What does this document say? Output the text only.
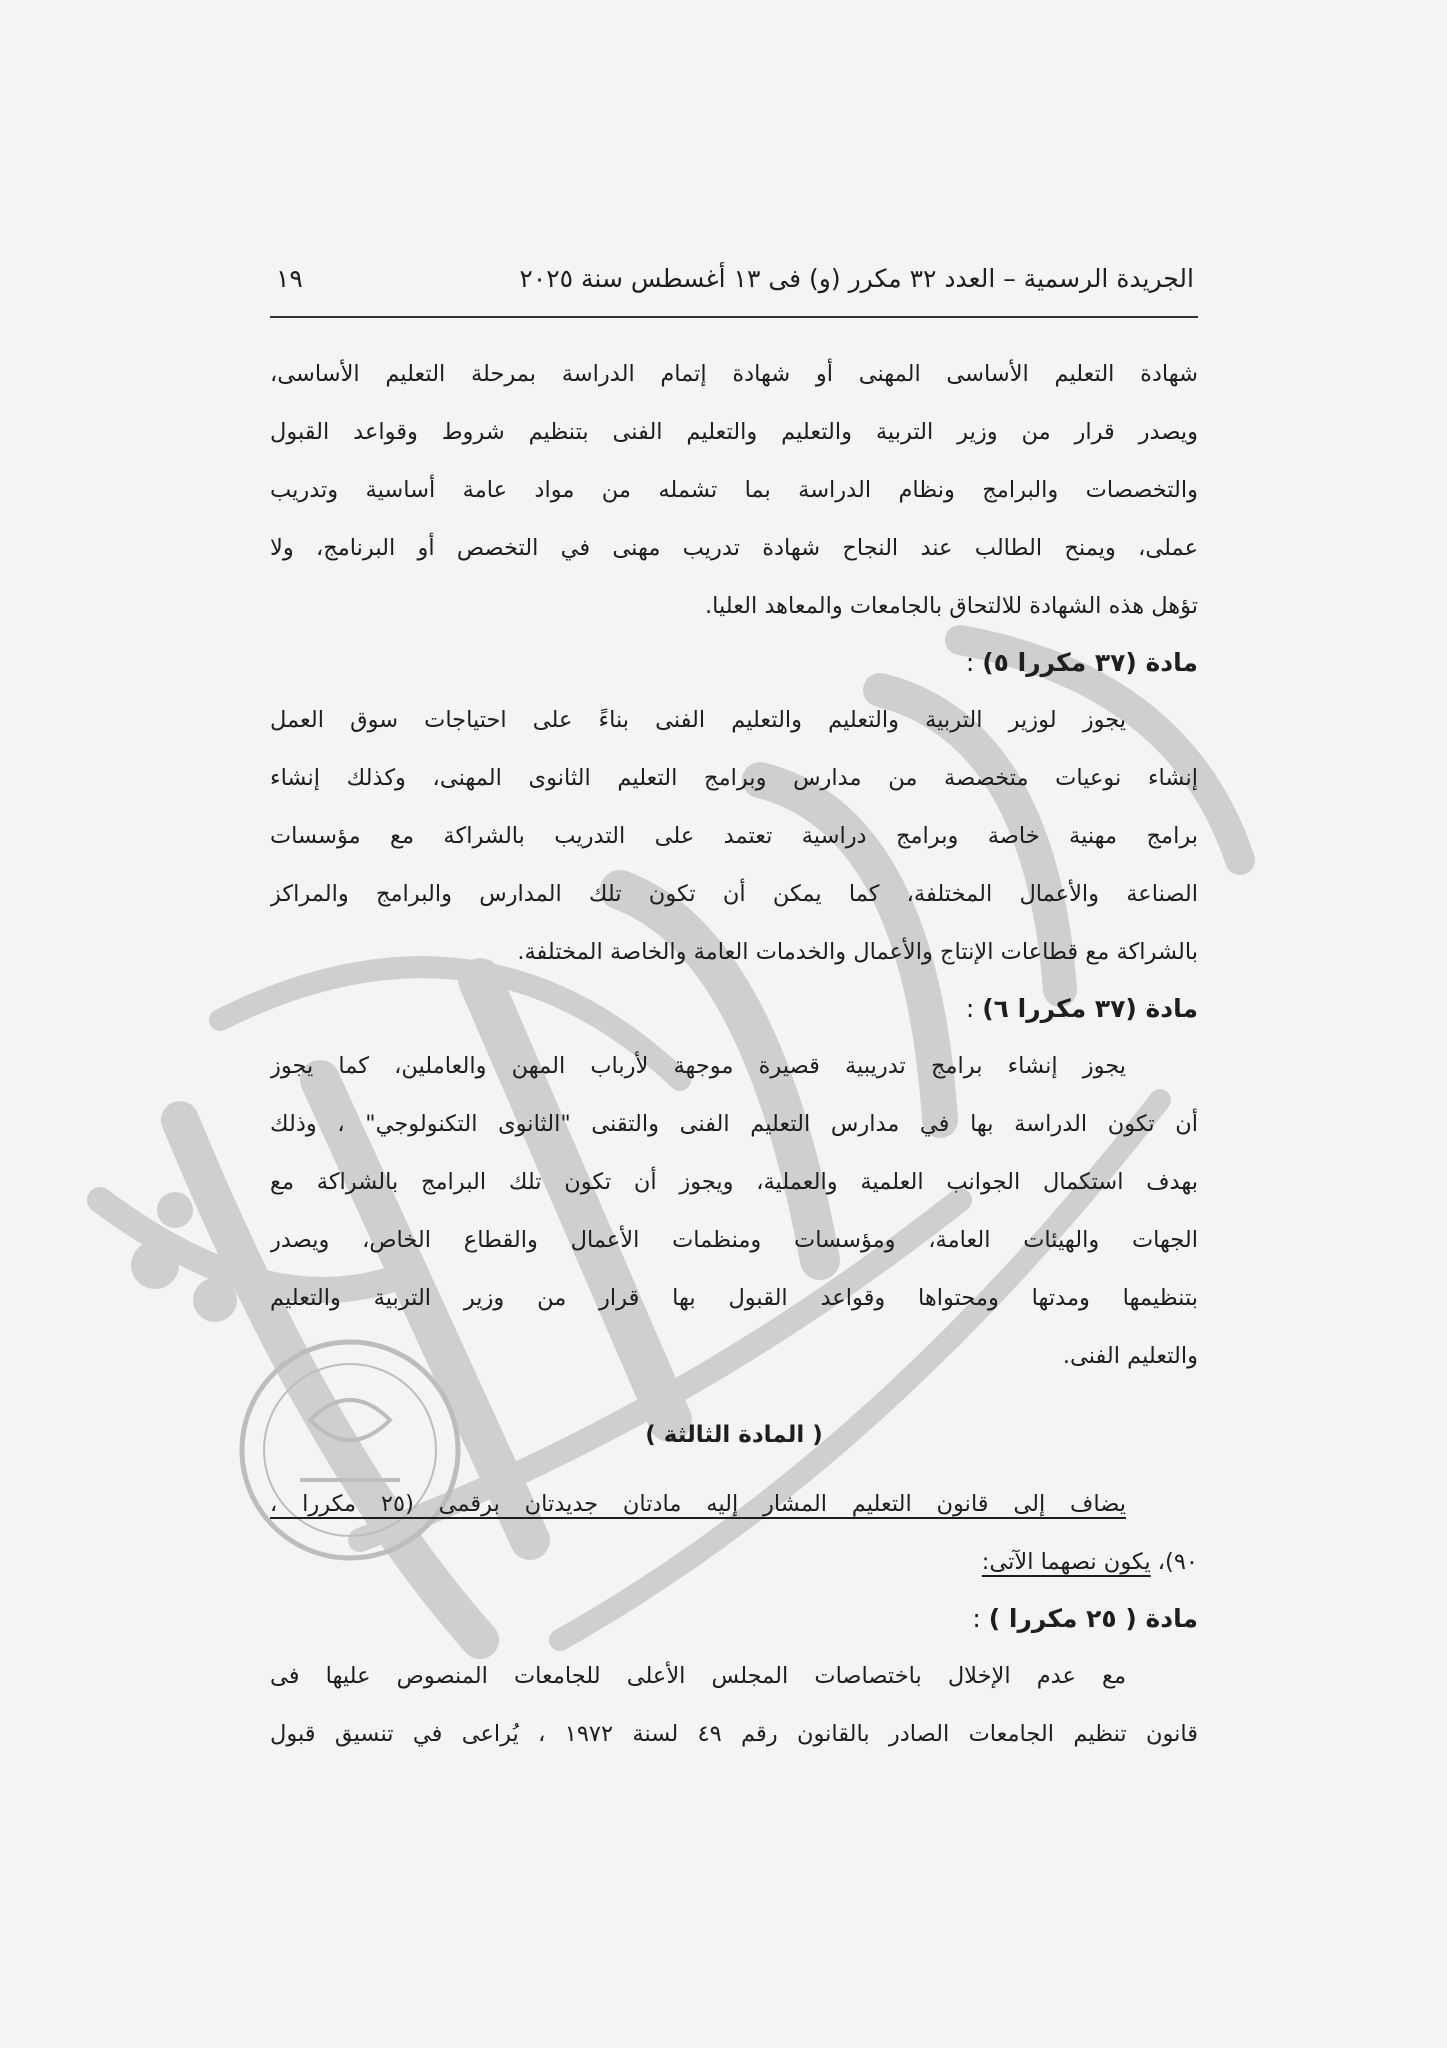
الجريدة الرسمية – العدد ٣٢ مكرر (و) فى ١٣ أغسطس سنة ٢٠٢٥
١٩
شهادة التعليم الأساسى المهنى أو شهادة إتمام الدراسة بمرحلة التعليم الأساسى،
ويصدر قرار من وزير التربية والتعليم والتعليم الفنى بتنظيم شروط وقواعد القبول
والتخصصات والبرامج ونظام الدراسة بما تشمله من مواد عامة أساسية وتدريب
عملى، ويمنح الطالب عند النجاح شهادة تدريب مهنى في التخصص أو البرنامج، ولا
تؤهل هذه الشهادة للالتحاق بالجامعات والمعاهد العليا.
مادة (٣٧ مكررا ٥) :
يجوز لوزير التربية والتعليم والتعليم الفنى بناءً على احتياجات سوق العمل
إنشاء نوعيات متخصصة من مدارس وبرامج التعليم الثانوى المهنى، وكذلك إنشاء
برامج مهنية خاصة وبرامج دراسية تعتمد على التدريب بالشراكة مع مؤسسات
الصناعة والأعمال المختلفة، كما يمكن أن تكون تلك المدارس والبرامج والمراكز
بالشراكة مع قطاعات الإنتاج والأعمال والخدمات العامة والخاصة المختلفة.
مادة (٣٧ مكررا ٦) :
يجوز إنشاء برامج تدريبية قصيرة موجهة لأرباب المهن والعاملين، كما يجوز
أن تكون الدراسة بها في مدارس التعليم الفنى والتقنى "الثانوى التكنولوجي" ، وذلك
بهدف استكمال الجوانب العلمية والعملية، ويجوز أن تكون تلك البرامج بالشراكة مع
الجهات والهيئات العامة، ومؤسسات ومنظمات الأعمال والقطاع الخاص، ويصدر
بتنظيمها ومدتها ومحتواها وقواعد القبول بها قرار من وزير التربية والتعليم
والتعليم الفنى.
( المادة الثالثة )
يضاف إلى قانون التعليم المشار إليه مادتان جديدتان برقمى (٢٥ مكررا ،
٩٠)، يكون نصهما الآتى:
مادة ( ٢٥ مكررا ) :
مع عدم الإخلال باختصاصات المجلس الأعلى للجامعات المنصوص عليها فى
قانون تنظيم الجامعات الصادر بالقانون رقم ٤٩ لسنة ١٩٧٢ ، يُراعى في تنسيق قبول
